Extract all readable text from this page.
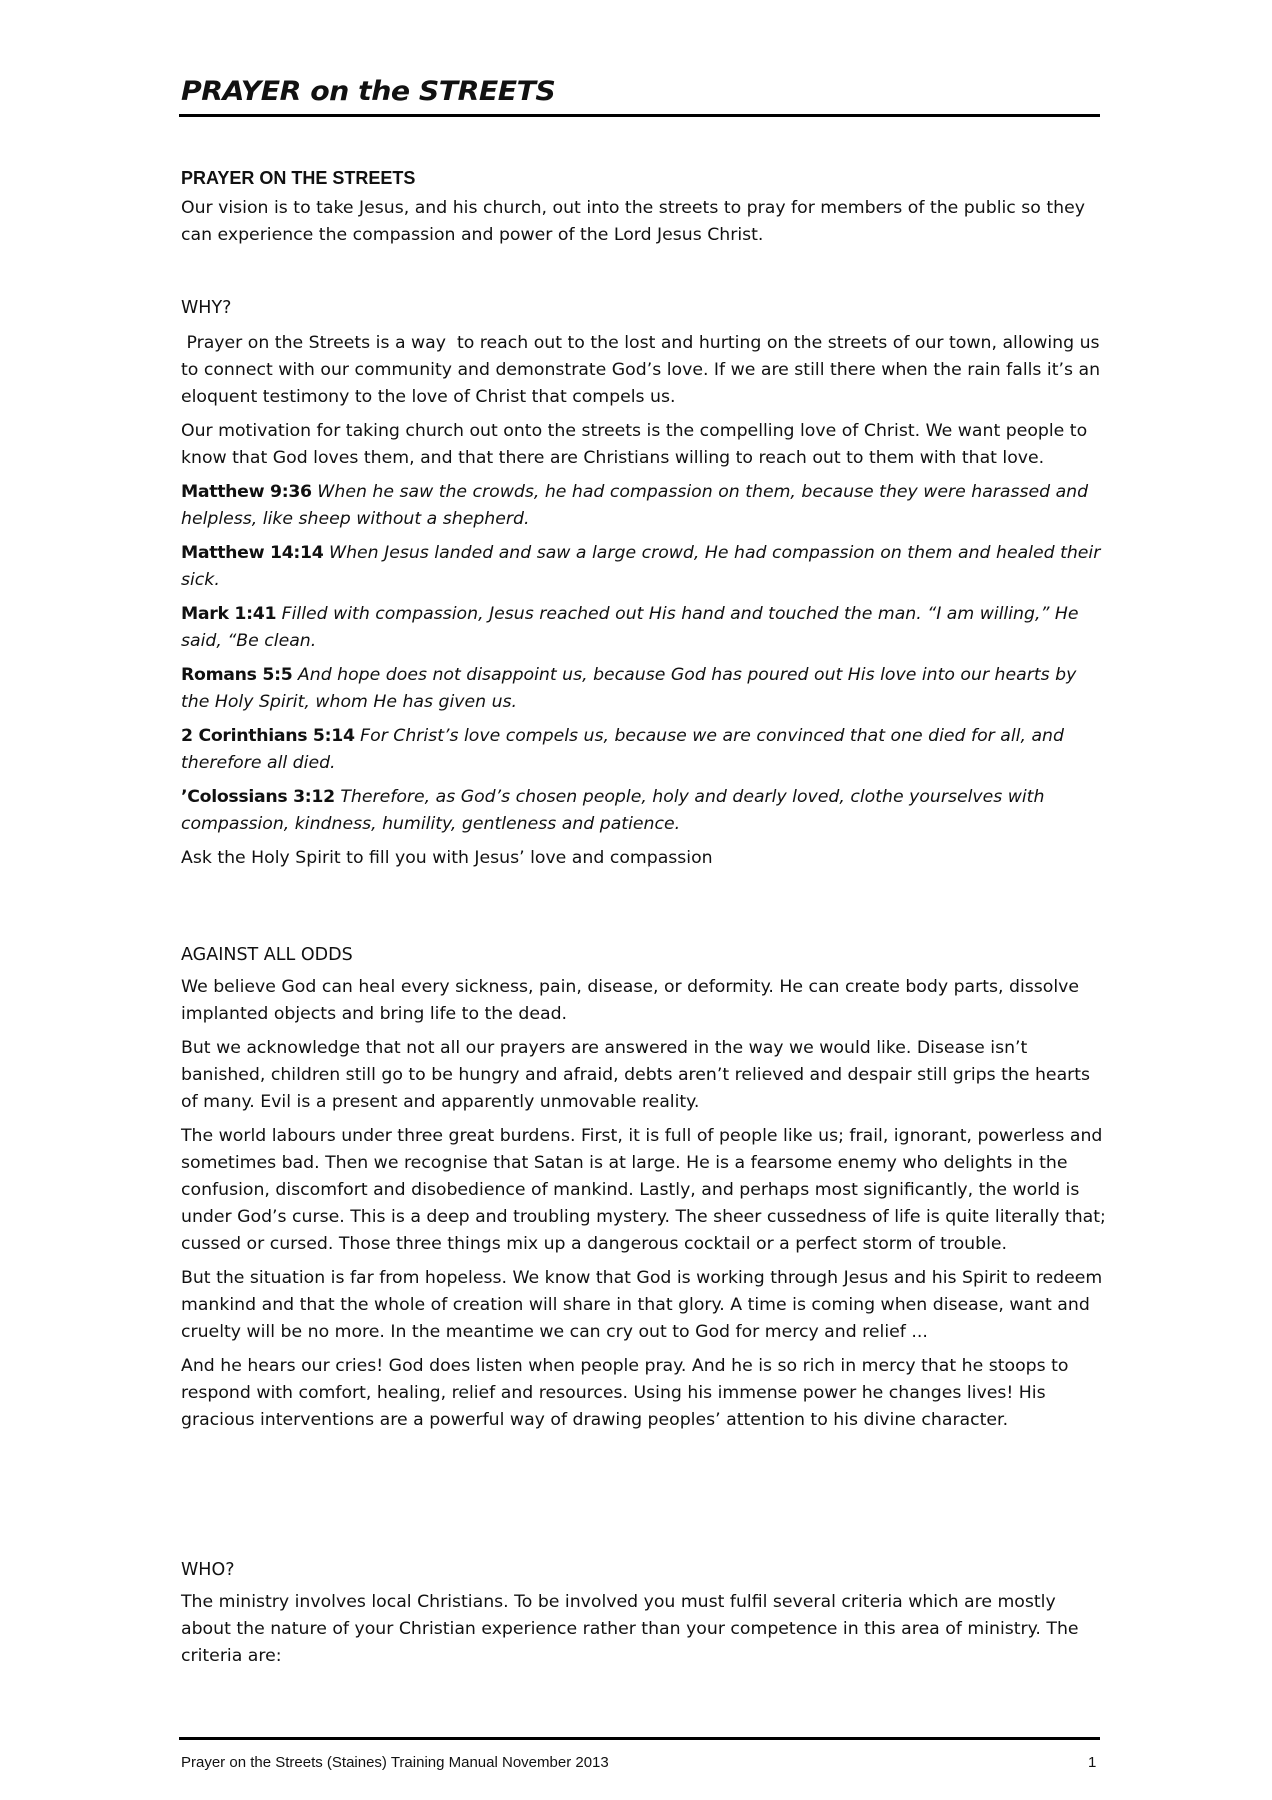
PRAYER on the STREETS

PRAYER ON THE STREETS

Our vision is to take Jesus, and his church, out into the streets to pray for members of the public so they can experience the compassion and power of the Lord Jesus Christ.

WHY?

Prayer on the Streets is a way  to reach out to the lost and hurting on the streets of our town, allowing us to connect with our community and demonstrate God’s love. If we are still there when the rain falls it’s an eloquent testimony to the love of Christ that compels us.

Our motivation for taking church out onto the streets is the compelling love of Christ. We want people to know that God loves them, and that there are Christians willing to reach out to them with that love.

Matthew 9:36 When he saw the crowds, he had compassion on them, because they were harassed and helpless, like sheep without a shepherd.

Matthew 14:14 When Jesus landed and saw a large crowd, He had compassion on them and healed their sick.

Mark 1:41 Filled with compassion, Jesus reached out His hand and touched the man. “I am willing,” He said, “Be clean.

Romans 5:5 And hope does not disappoint us, because God has poured out His love into our hearts by the Holy Spirit, whom He has given us.

2 Corinthians 5:14 For Christ’s love compels us, because we are convinced that one died for all, and therefore all died.

’Colossians 3:12 Therefore, as God’s chosen people, holy and dearly loved, clothe yourselves with compassion, kindness, humility, gentleness and patience.

Ask the Holy Spirit to fill you with Jesus’ love and compassion

AGAINST ALL ODDS

We believe God can heal every sickness, pain, disease, or deformity. He can create body parts, dissolve implanted objects and bring life to the dead.

But we acknowledge that not all our prayers are answered in the way we would like. Disease isn’t banished, children still go to be hungry and afraid, debts aren’t relieved and despair still grips the hearts of many. Evil is a present and apparently unmovable reality.

The world labours under three great burdens. First, it is full of people like us; frail, ignorant, powerless and sometimes bad. Then we recognise that Satan is at large. He is a fearsome enemy who delights in the confusion, discomfort and disobedience of mankind. Lastly, and perhaps most significantly, the world is under God’s curse. This is a deep and troubling mystery. The sheer cussedness of life is quite literally that; cussed or cursed. Those three things mix up a dangerous cocktail or a perfect storm of trouble.

But the situation is far from hopeless. We know that God is working through Jesus and his Spirit to redeem mankind and that the whole of creation will share in that glory. A time is coming when disease, want and cruelty will be no more. In the meantime we can cry out to God for mercy and relief ...

And he hears our cries! God does listen when people pray. And he is so rich in mercy that he stoops to respond with comfort, healing, relief and resources. Using his immense power he changes lives! His gracious interventions are a powerful way of drawing peoples’ attention to his divine character.

WHO?

The ministry involves local Christians. To be involved you must fulfil several criteria which are mostly about the nature of your Christian experience rather than your competence in this area of ministry. The criteria are:

Prayer on the Streets (Staines) Training Manual November 2013	1
